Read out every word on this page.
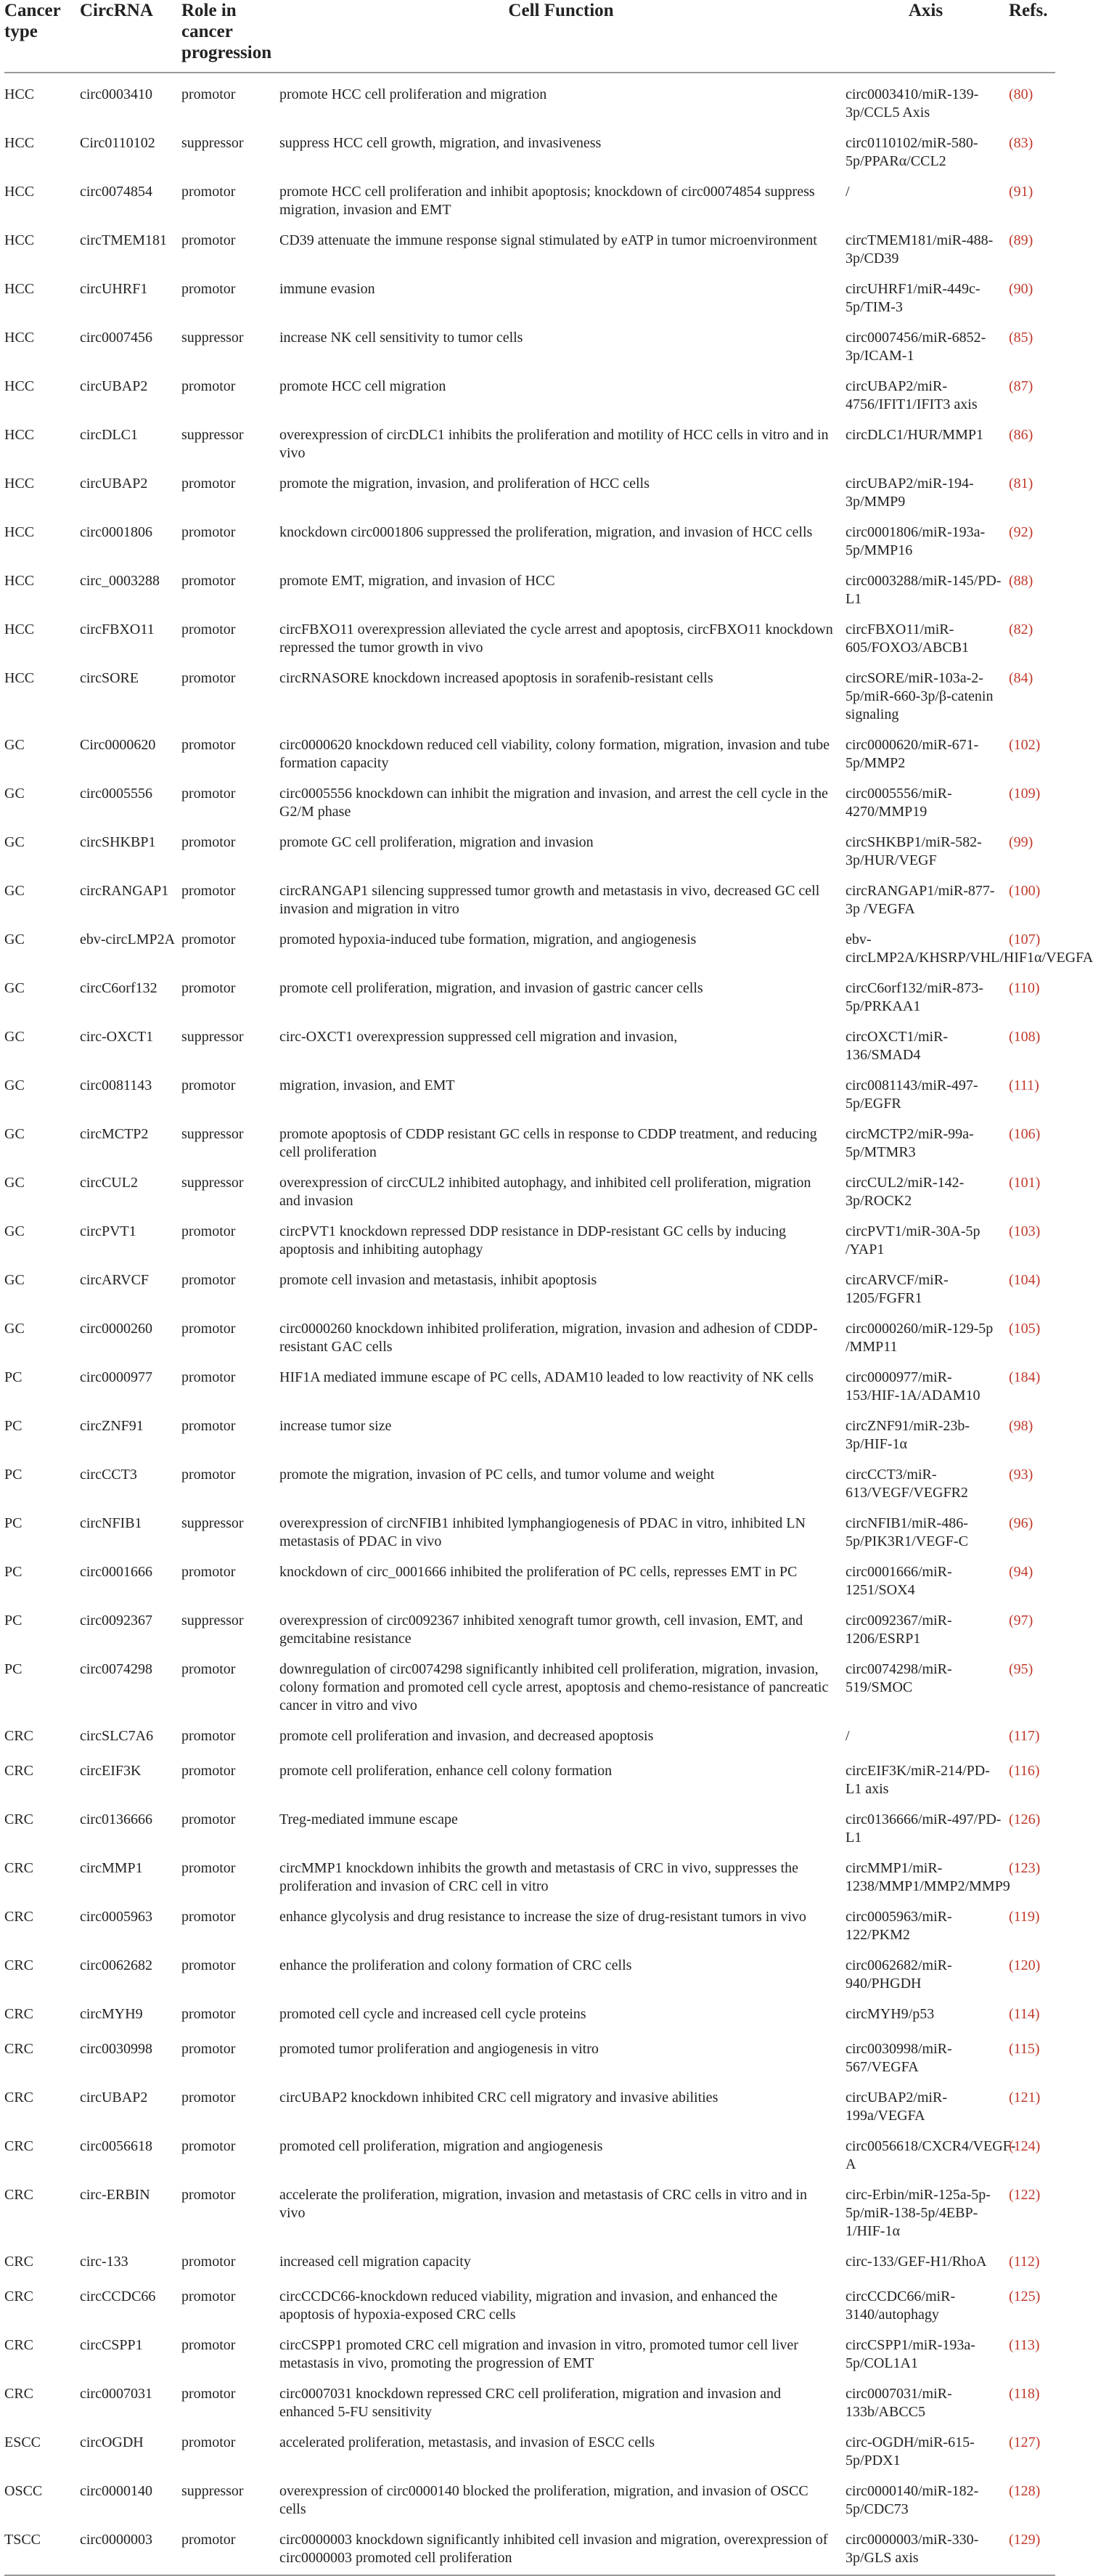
Cancer type	CircRNA	Role in cancer progression	Cell Function	Axis	Refs.
HCC	circ0003410	promotor	promote HCC cell proliferation and migration	circ0003410/miR-139-3p/CCL5 Axis	(80)
HCC	Circ0110102	suppressor	suppress HCC cell growth, migration, and invasiveness	circ0110102/miR-580-5p/PPARα/CCL2	(83)
HCC	circ0074854	promotor	promote HCC cell proliferation and inhibit apoptosis; knockdown of circ00074854 suppress migration, invasion and EMT	/	(91)
HCC	circTMEM181	promotor	CD39 attenuate the immune response signal stimulated by eATP in tumor microenvironment	circTMEM181/miR-488-3p/CD39	(89)
HCC	circUHRF1	promotor	immune evasion	circUHRF1/miR-449c-5p/TIM-3	(90)
HCC	circ0007456	suppressor	increase NK cell sensitivity to tumor cells	circ0007456/miR-6852-3p/ICAM-1	(85)
HCC	circUBAP2	promotor	promote HCC cell migration	circUBAP2/miR-4756/IFIT1/IFIT3 axis	(87)
HCC	circDLC1	suppressor	overexpression of circDLC1 inhibits the proliferation and motility of HCC cells in vitro and in vivo	circDLC1/HUR/MMP1	(86)
HCC	circUBAP2	promotor	promote the migration, invasion, and proliferation of HCC cells	circUBAP2/miR-194-3p/MMP9	(81)
HCC	circ0001806	promotor	knockdown circ0001806 suppressed the proliferation, migration, and invasion of HCC cells	circ0001806/miR-193a-5p/MMP16	(92)
HCC	circ_0003288	promotor	promote EMT, migration, and invasion of HCC	circ0003288/miR-145/PD-L1	(88)
HCC	circFBXO11	promotor	circFBXO11 overexpression alleviated the cycle arrest and apoptosis, circFBXO11 knockdown repressed the tumor growth in vivo	circFBXO11/miR-605/FOXO3/ABCB1	(82)
HCC	circSORE	promotor	circRNASORE knockdown increased apoptosis in sorafenib-resistant cells	circSORE/miR-103a-2-5p/miR-660-3p/β-catenin signaling	(84)
GC	Circ0000620	promotor	circ0000620 knockdown reduced cell viability, colony formation, migration, invasion and tube formation capacity	circ0000620/miR-671-5p/MMP2	(102)
GC	circ0005556	promotor	circ0005556 knockdown can inhibit the migration and invasion, and arrest the cell cycle in the G2/M phase	circ0005556/miR-4270/MMP19	(109)
GC	circSHKBP1	promotor	promote GC cell proliferation, migration and invasion	circSHKBP1/miR-582-3p/HUR/VEGF	(99)
GC	circRANGAP1	promotor	circRANGAP1 silencing suppressed tumor growth and metastasis in vivo, decreased GC cell invasion and migration in vitro	circRANGAP1/miR-877-3p /VEGFA	(100)
GC	ebv-circLMP2A	promotor	promoted hypoxia-induced tube formation, migration, and angiogenesis	ebv-circLMP2A/KHSRP/VHL/HIF1α/VEGFA	(107)
GC	circC6orf132	promotor	promote cell proliferation, migration, and invasion of gastric cancer cells	circC6orf132/miR-873-5p/PRKAA1	(110)
GC	circ-OXCT1	suppressor	circ-OXCT1 overexpression suppressed cell migration and invasion,	circOXCT1/miR-136/SMAD4	(108)
GC	circ0081143	promotor	migration, invasion, and EMT	circ0081143/miR-497-5p/EGFR	(111)
GC	circMCTP2	suppressor	promote apoptosis of CDDP resistant GC cells in response to CDDP treatment, and reducing cell proliferation	circMCTP2/miR-99a-5p/MTMR3	(106)
GC	circCUL2	suppressor	overexpression of circCUL2 inhibited autophagy, and inhibited cell proliferation, migration and invasion	circCUL2/miR-142-3p/ROCK2	(101)
GC	circPVT1	promotor	circPVT1 knockdown repressed DDP resistance in DDP-resistant GC cells by inducing apoptosis and inhibiting autophagy	circPVT1/miR-30A-5p /YAP1	(103)
GC	circARVCF	promotor	promote cell invasion and metastasis, inhibit apoptosis	circARVCF/miR-1205/FGFR1	(104)
GC	circ0000260	promotor	circ0000260 knockdown inhibited proliferation, migration, invasion and adhesion of CDDP-resistant GAC cells	circ0000260/miR-129-5p /MMP11	(105)
PC	circ0000977	promotor	HIF1A mediated immune escape of PC cells, ADAM10 leaded to low reactivity of NK cells	circ0000977/miR-153/HIF-1A/ADAM10	(184)
PC	circZNF91	promotor	increase tumor size	circZNF91/miR-23b-3p/HIF-1α	(98)
PC	circCCT3	promotor	promote the migration, invasion of PC cells, and tumor volume and weight	circCCT3/miR-613/VEGF/VEGFR2	(93)
PC	circNFIB1	suppressor	overexpression of circNFIB1 inhibited lymphangiogenesis of PDAC in vitro, inhibited LN metastasis of PDAC in vivo	circNFIB1/miR-486-5p/PIK3R1/VEGF-C	(96)
PC	circ0001666	promotor	knockdown of circ_0001666 inhibited the proliferation of PC cells, represses EMT in PC	circ0001666/miR-1251/SOX4	(94)
PC	circ0092367	suppressor	overexpression of circ0092367 inhibited xenograft tumor growth, cell invasion, EMT, and gemcitabine resistance	circ0092367/miR-1206/ESRP1	(97)
PC	circ0074298	promotor	downregulation of circ0074298 significantly inhibited cell proliferation, migration, invasion, colony formation and promoted cell cycle arrest, apoptosis and chemo-resistance of pancreatic cancer in vitro and vivo	circ0074298/miR-519/SMOC	(95)
CRC	circSLC7A6	promotor	promote cell proliferation and invasion, and decreased apoptosis	/	(117)
CRC	circEIF3K	promotor	promote cell proliferation, enhance cell colony formation	circEIF3K/miR-214/PD-L1 axis	(116)
CRC	circ0136666	promotor	Treg-mediated immune escape	circ0136666/miR-497/PD-L1	(126)
CRC	circMMP1	promotor	circMMP1 knockdown inhibits the growth and metastasis of CRC in vivo, suppresses the proliferation and invasion of CRC cell in vitro	circMMP1/miR-1238/MMP1/MMP2/MMP9	(123)
CRC	circ0005963	promotor	enhance glycolysis and drug resistance to increase the size of drug-resistant tumors in vivo	circ0005963/miR-122/PKM2	(119)
CRC	circ0062682	promotor	enhance the proliferation and colony formation of CRC cells	circ0062682/miR-940/PHGDH	(120)
CRC	circMYH9	promotor	promoted cell cycle and increased cell cycle proteins	circMYH9/p53	(114)
CRC	circ0030998	promotor	promoted tumor proliferation and angiogenesis in vitro	circ0030998/miR-567/VEGFA	(115)
CRC	circUBAP2	promotor	circUBAP2 knockdown inhibited CRC cell migratory and invasive abilities	circUBAP2/miR-199a/VEGFA	(121)
CRC	circ0056618	promotor	promoted cell proliferation, migration and angiogenesis	circ0056618/CXCR4/VEGF-A	(124)
CRC	circ-ERBIN	promotor	accelerate the proliferation, migration, invasion and metastasis of CRC cells in vitro and in vivo	circ-Erbin/miR-125a-5p-5p/miR-138-5p/4EBP-1/HIF-1α	(122)
CRC	circ-133	promotor	increased cell migration capacity	circ-133/GEF-H1/RhoA	(112)
CRC	circCCDC66	promotor	circCCDC66-knockdown reduced viability, migration and invasion, and enhanced the apoptosis of hypoxia-exposed CRC cells	circCCDC66/miR-3140/autophagy	(125)
CRC	circCSPP1	promotor	circCSPP1 promoted CRC cell migration and invasion in vitro, promoted tumor cell liver metastasis in vivo, promoting the progression of EMT	circCSPP1/miR-193a-5p/COL1A1	(113)
CRC	circ0007031	promotor	circ0007031 knockdown repressed CRC cell proliferation, migration and invasion and enhanced 5-FU sensitivity	circ0007031/miR-133b/ABCC5	(118)
ESCC	circOGDH	promotor	accelerated proliferation, metastasis, and invasion of ESCC cells	circ-OGDH/miR-615-5p/PDX1	(127)
OSCC	circ0000140	suppressor	overexpression of circ0000140 blocked the proliferation, migration, and invasion of OSCC cells	circ0000140/miR-182-5p/CDC73	(128)
TSCC	circ0000003	promotor	circ0000003 knockdown significantly inhibited cell invasion and migration, overexpression of circ0000003 promoted cell proliferation	circ0000003/miR-330-3p/GLS axis	(129)
